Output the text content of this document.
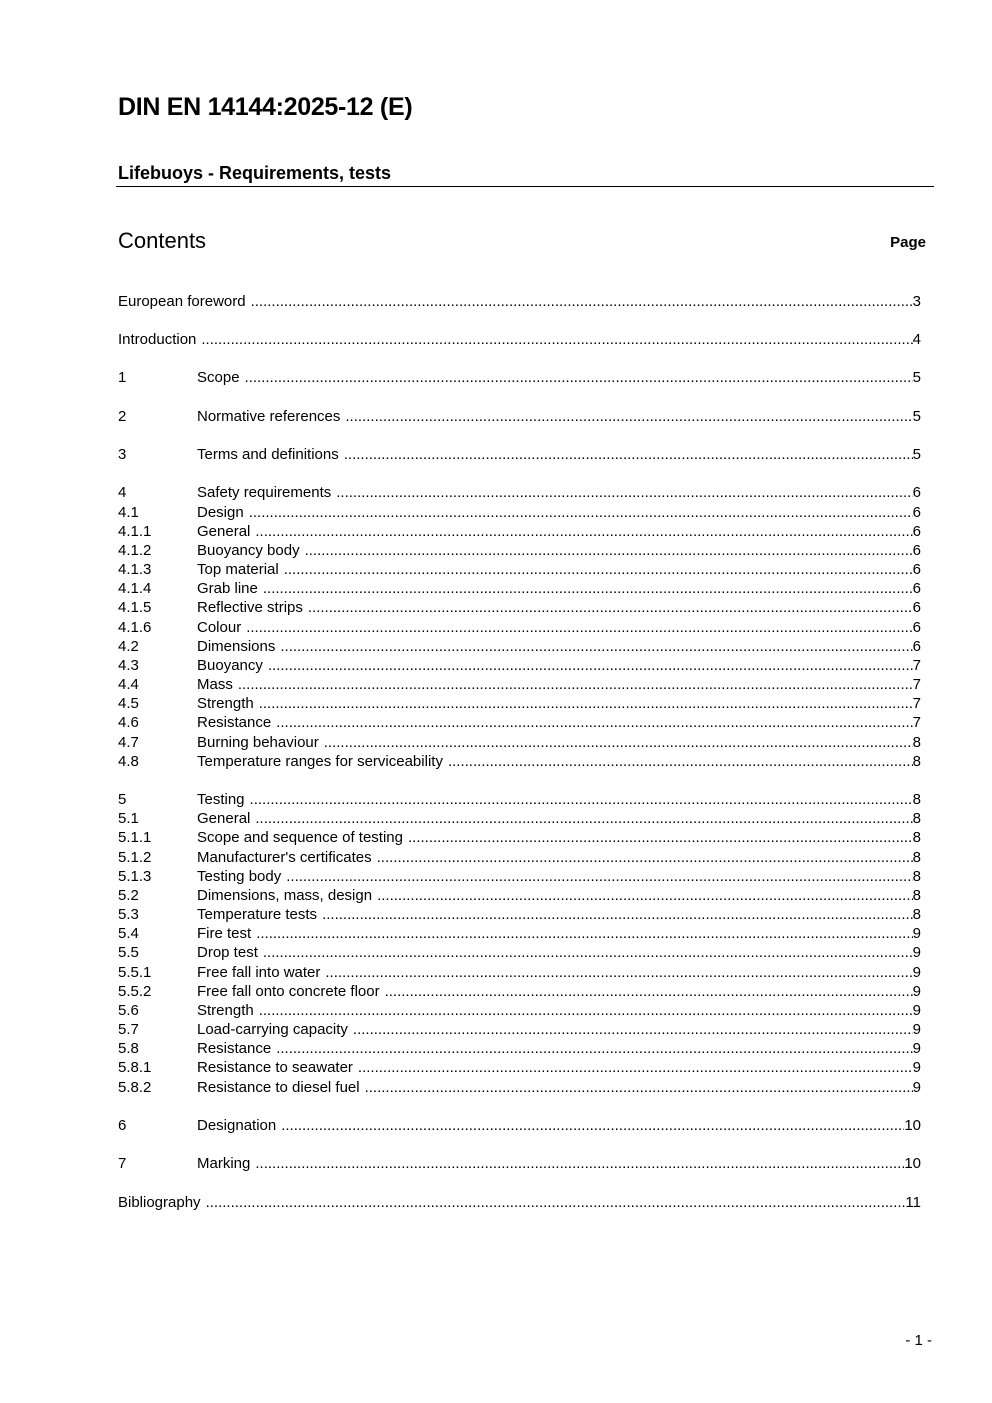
DIN EN 14144:2025-12 (E)
Lifebuoys - Requirements, tests
Contents	Page
European foreword .....	3
Introduction .....	4
1	Scope .....	5
2	Normative references .....	5
3	Terms and definitions .....	5
4	Safety requirements .....	6
4.1	Design .....	6
4.1.1	General .....	6
4.1.2	Buoyancy body .....	6
4.1.3	Top material .....	6
4.1.4	Grab line .....	6
4.1.5	Reflective strips .....	6
4.1.6	Colour .....	6
4.2	Dimensions .....	6
4.3	Buoyancy .....	7
4.4	Mass .....	7
4.5	Strength .....	7
4.6	Resistance .....	7
4.7	Burning behaviour .....	8
4.8	Temperature ranges for serviceability .....	8
5	Testing .....	8
5.1	General .....	8
5.1.1	Scope and sequence of testing .....	8
5.1.2	Manufacturer's certificates .....	8
5.1.3	Testing body .....	8
5.2	Dimensions, mass, design .....	8
5.3	Temperature tests .....	8
5.4	Fire test .....	9
5.5	Drop test .....	9
5.5.1	Free fall into water .....	9
5.5.2	Free fall onto concrete floor .....	9
5.6	Strength .....	9
5.7	Load-carrying capacity .....	9
5.8	Resistance .....	9
5.8.1	Resistance to seawater .....	9
5.8.2	Resistance to diesel fuel .....	9
6	Designation .....	10
7	Marking .....	10
Bibliography .....	11
- 1 -
